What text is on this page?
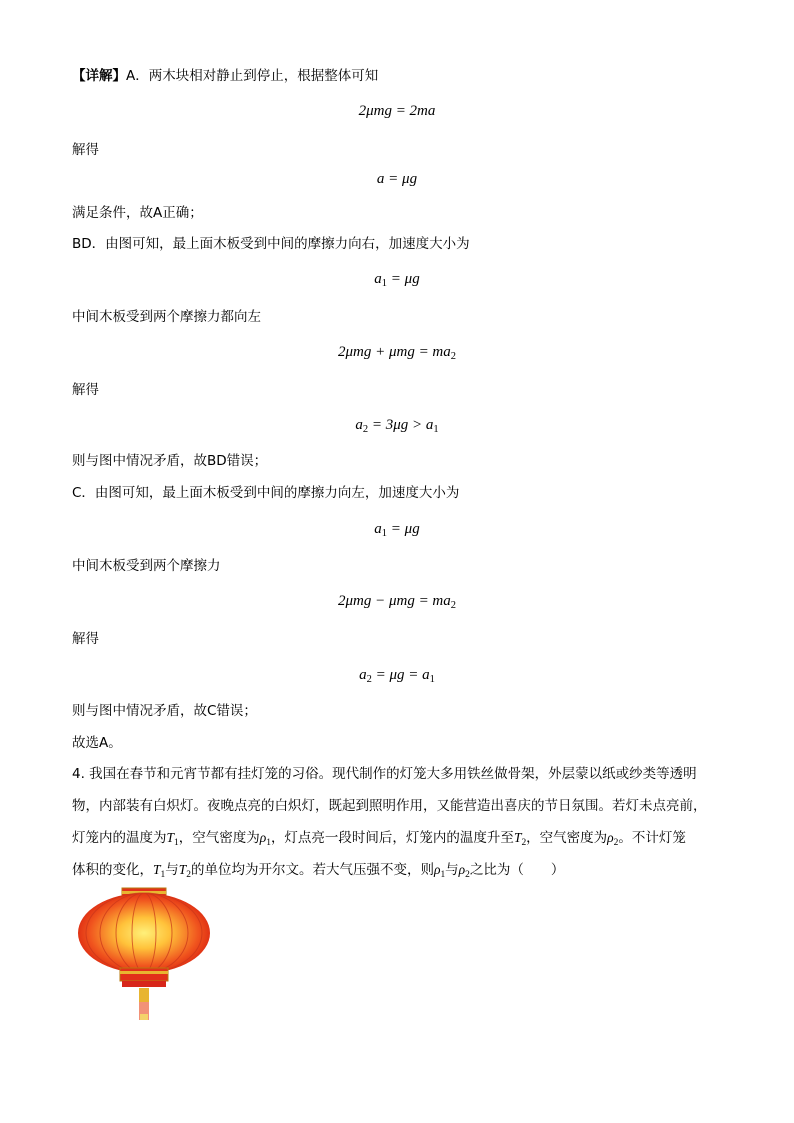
【详解】A．两木块相对静止到停止，根据整体可知
2μmg = 2ma
解得
a = μg
满足条件，故A正确；
BD．由图可知，最上面木板受到中间的摩擦力向右，加速度大小为
$a_1 = \mu g$
中间木板受到两个摩擦力都向左
$2\mu mg + \mu mg = ma_2$
解得
$a_2 = 3\mu g > a_1$
则与图中情况矛盾，故BD错误；
C．由图可知，最上面木板受到中间的摩擦力向左，加速度大小为
$a_1 = \mu g$
中间木板受到两个摩擦力
$2\mu mg - \mu mg = ma_2$
解得
$a_2 = \mu g = a_1$
则与图中情况矛盾，故C错误；
故选A。
4. 我国在春节和元宵节都有挂灯笼的习俗。现代制作的灯笼大多用铁丝做骨架，外层蒙以纸或纱类等透明
物，内部装有白炽灯。夜晚点亮的白炽灯，既起到照明作用，又能营造出喜庆的节日氛围。若灯未点亮前，
灯笼内的温度为$T_1$，空气密度为$\rho_1$，灯点亮一段时间后，灯笼内的温度升至$T_2$，空气密度为$\rho_2$。不计灯笼
体积的变化，$T_1$与$T_2$的单位均为开尔文。若大气压强不变，则$\rho_1$与$\rho_2$之比为（　　）
